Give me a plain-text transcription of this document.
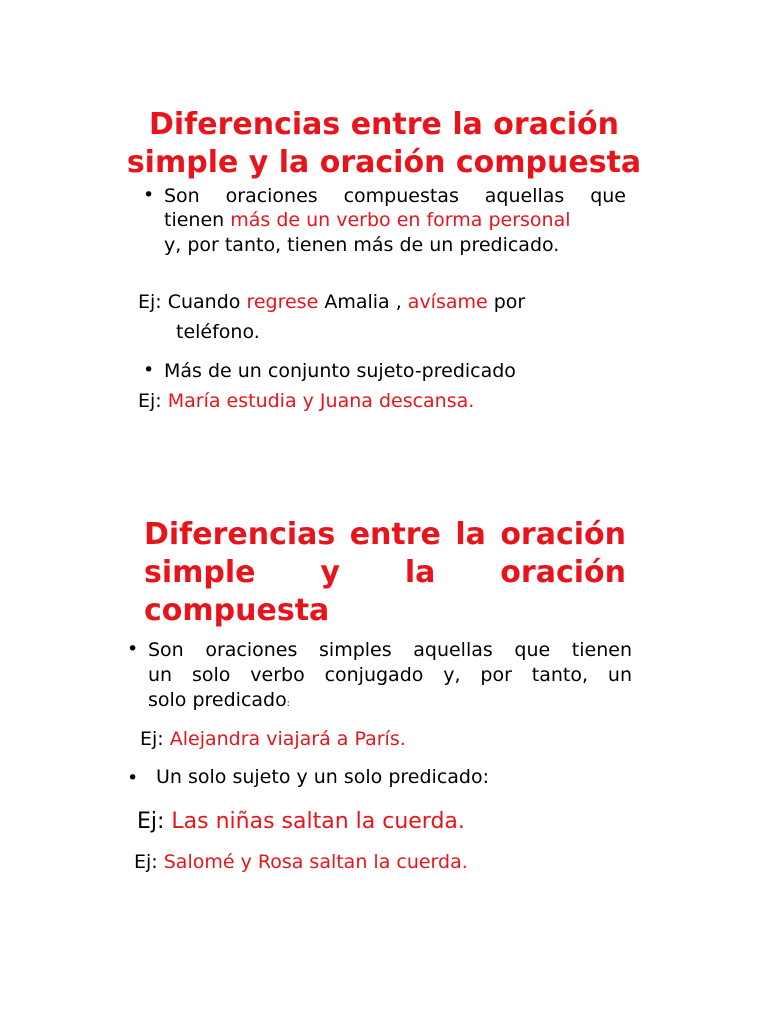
Diferencias entre la oración
simple y la oración compuesta
• Son oraciones compuestas aquellas que

tienen más de un verbo en forma personal

y, por tanto, tienen más de un predicado.

Ej: Cuando regrese Amalia , avísame por

teléfono.

• Más de un conjunto sujeto-predicado

Ej: María estudia y Juana descansa.

Diferencias entre la oración
simple y la oración

compuesta
• Son oraciones simples aquellas que tienen

un solo verbo conjugado y, por tanto, un

solo predicado:

Ej: Alejandra viajará a París.

• Un solo sujeto y un solo predicado:

Ej: Las niñas saltan la cuerda.

Ej: Salomé y Rosa saltan la cuerda.
